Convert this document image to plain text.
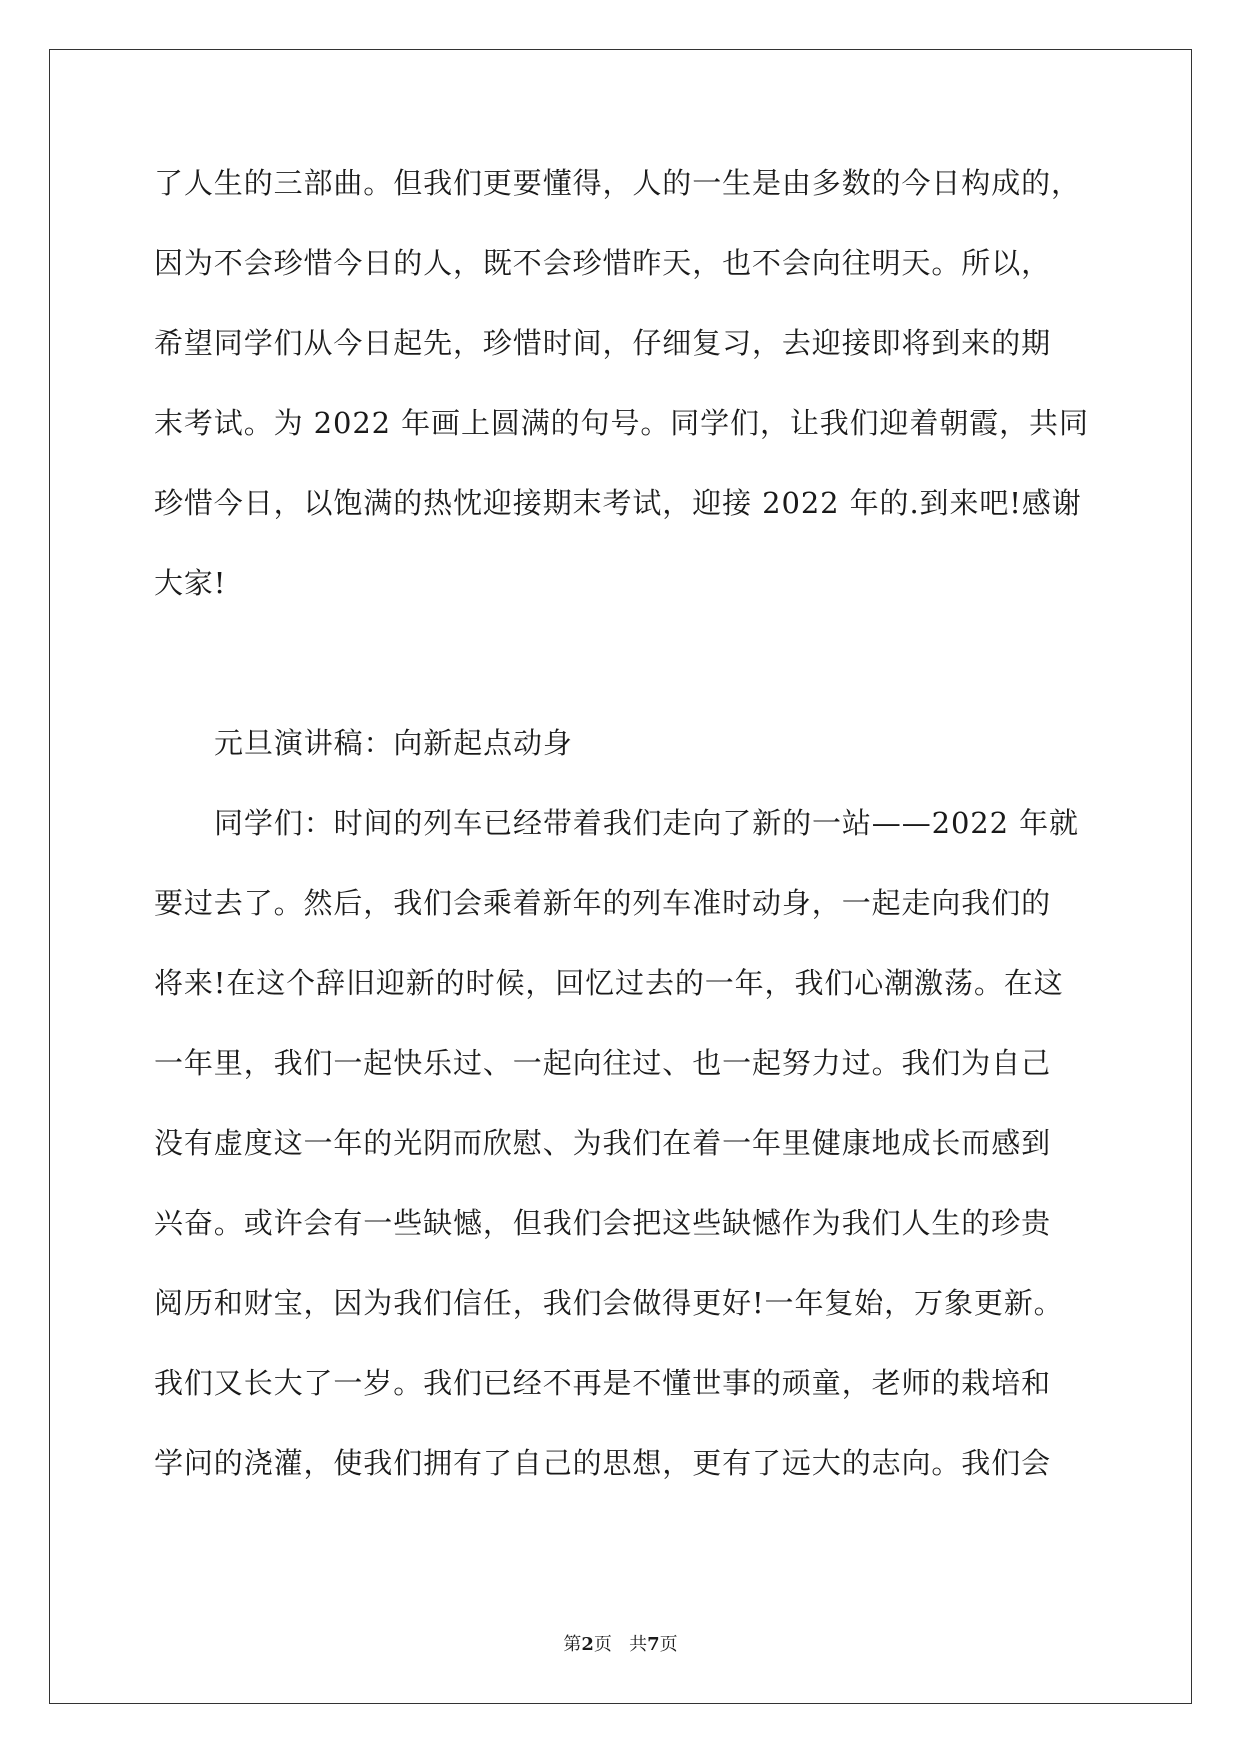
了人生的三部曲。但我们更要懂得，人的一生是由多数的今日构成的，
因为不会珍惜今日的人，既不会珍惜昨天，也不会向往明天。所以，
希望同学们从今日起先，珍惜时间，仔细复习，去迎接即将到来的期
末考试。为 2022 年画上圆满的句号。同学们，让我们迎着朝霞，共同
珍惜今日，以饱满的热忱迎接期末考试，迎接 2022 年的.到来吧!感谢
大家!
元旦演讲稿：向新起点动身
同学们：时间的列车已经带着我们走向了新的一站——2022 年就
要过去了。然后，我们会乘着新年的列车准时动身，一起走向我们的
将来!在这个辞旧迎新的时候，回忆过去的一年，我们心潮激荡。在这
一年里，我们一起快乐过、一起向往过、也一起努力过。我们为自己
没有虚度这一年的光阴而欣慰、为我们在着一年里健康地成长而感到
兴奋。或许会有一些缺憾，但我们会把这些缺憾作为我们人生的珍贵
阅历和财宝，因为我们信任，我们会做得更好!一年复始，万象更新。
我们又长大了一岁。我们已经不再是不懂世事的顽童，老师的栽培和
学问的浇灌，使我们拥有了自己的思想，更有了远大的志向。我们会
第2页 共7页
